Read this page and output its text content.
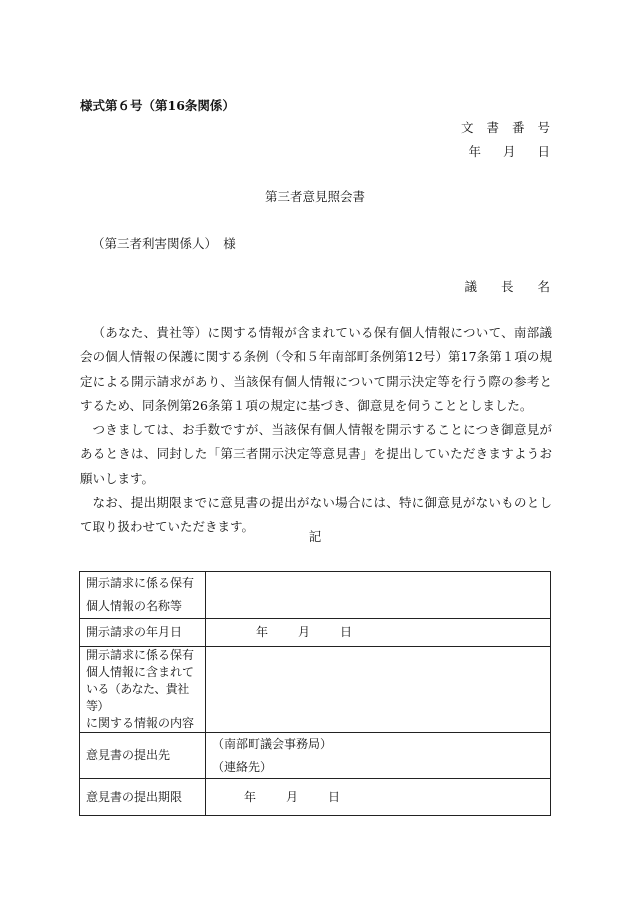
様式第６号（第16条関係）
文書番号
年 月 日
第三者意見照会書
（第三者利害関係人）　様
議長名

（あなた、貴社等）に関する情報が含まれている保有個人情報について、南部議会の個人情報の保護に関する条例（令和５年南部町条例第12号）第17条第１項の規定による開示請求があり、当該保有個人情報について開示決定等を行う際の参考とするため、同条例第26条第１項の規定に基づき、御意見を伺うこととしました。

つきましては、お手数ですが、当該保有個人情報を開示することにつき御意見があるときは、同封した「第三者開示決定等意見書」を提出していただきますようお願いします。

なお、提出期限までに意見書の提出がない場合には、特に御意見がないものとして取り扱わせていただきます。

記
開示請求に係る保有
個人情報の名称等	

開示請求の年月日	年 月 日

開示請求に係る保有
個人情報に含まれて
いる（あなた、貴社等）
に関する情報の内容	

意見書の提出先	（南部町議会事務局）
（連絡先）

意見書の提出期限	年 月 日
